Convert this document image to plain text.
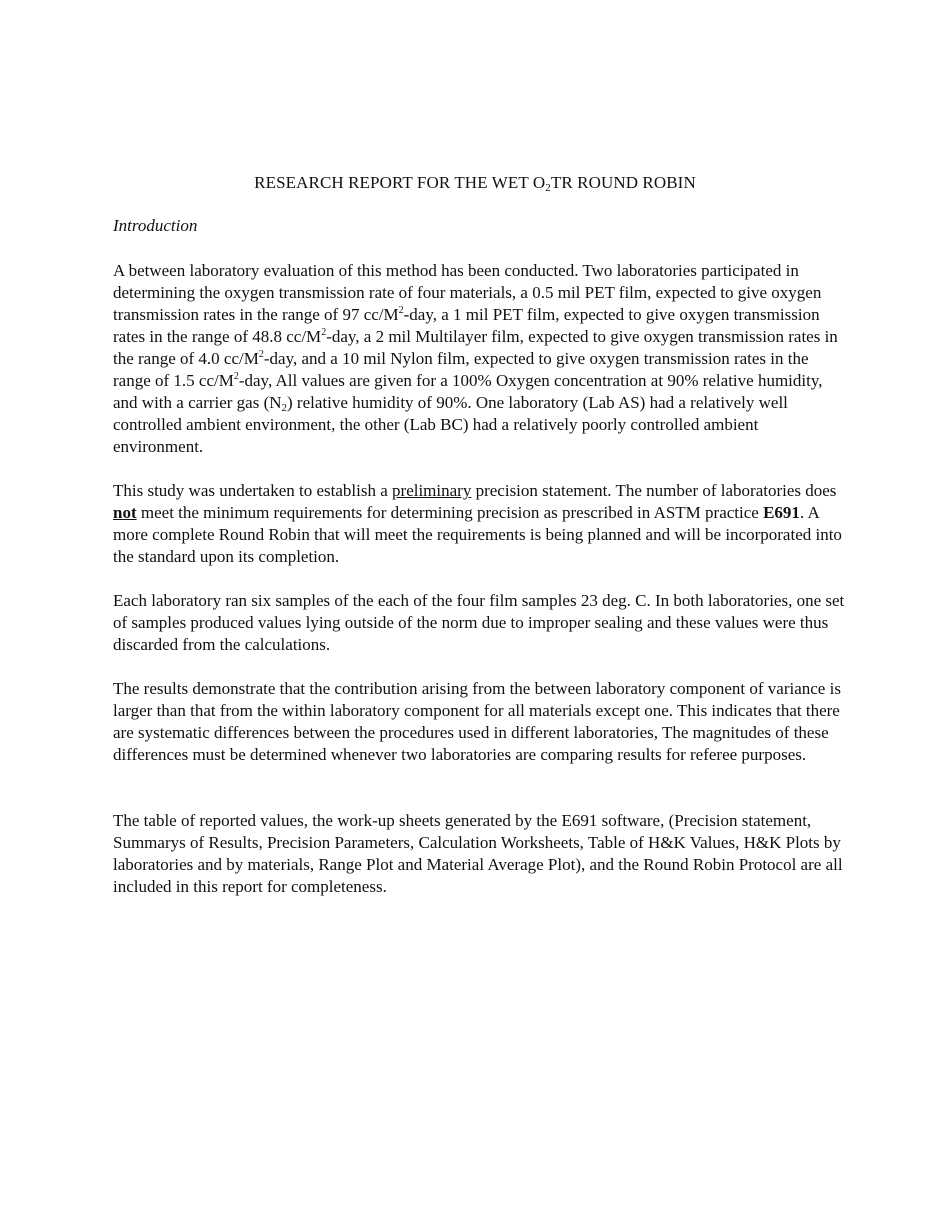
RESEARCH REPORT FOR THE WET $O_2TR$ ROUND ROBIN
Introduction

A between laboratory evaluation of this method has been conducted. Two laboratories participated in determining the oxygen transmission rate of four materials, a 0.5 mil PET film, expected to give oxygen transmission rates in the range of 97 $cc/M^2$-day, a 1 mil PET film, expected to give oxygen transmission rates in the range of 48.8 $cc/M^2$-day, a 2 mil Multilayer film, expected to give oxygen transmission rates in the range of 4.0 $cc/M^2$-day, and a 10 mil Nylon film, expected to give oxygen transmission rates in the range of 1.5 $cc/M^2$-day, All values are given for a 100% Oxygen concentration at 90% relative humidity, and with a carrier gas $(N_2)$ relative humidity of 90%. One laboratory (Lab AS) had a relatively well controlled ambient environment, the other (Lab BC) had a relatively poorly controlled ambient environment.

This study was undertaken to establish a preliminary precision statement. The number of laboratories does not meet the minimum requirements for determining precision as prescribed in ASTM practice E691. A more complete Round Robin that will meet the requirements is being planned and will be incorporated into the standard upon its completion.

Each laboratory ran six samples of the each of the four film samples 23 deg. C. In both laboratories, one set of samples produced values lying outside of the norm due to improper sealing and these values were thus discarded from the calculations.

The results demonstrate that the contribution arising from the between laboratory component of variance is larger than that from the within laboratory component for all materials except one. This indicates that there are systematic differences between the procedures used in different laboratories, The magnitudes of these differences must be determined whenever two laboratories are comparing results for referee purposes.

The table of reported values, the work-up sheets generated by the E691 software, (Precision statement, Summarys of Results, Precision Parameters, Calculation Worksheets, Table of H&K Values, H&K Plots by laboratories and by materials, Range Plot and Material Average Plot), and the Round Robin Protocol are all included in this report for completeness.
